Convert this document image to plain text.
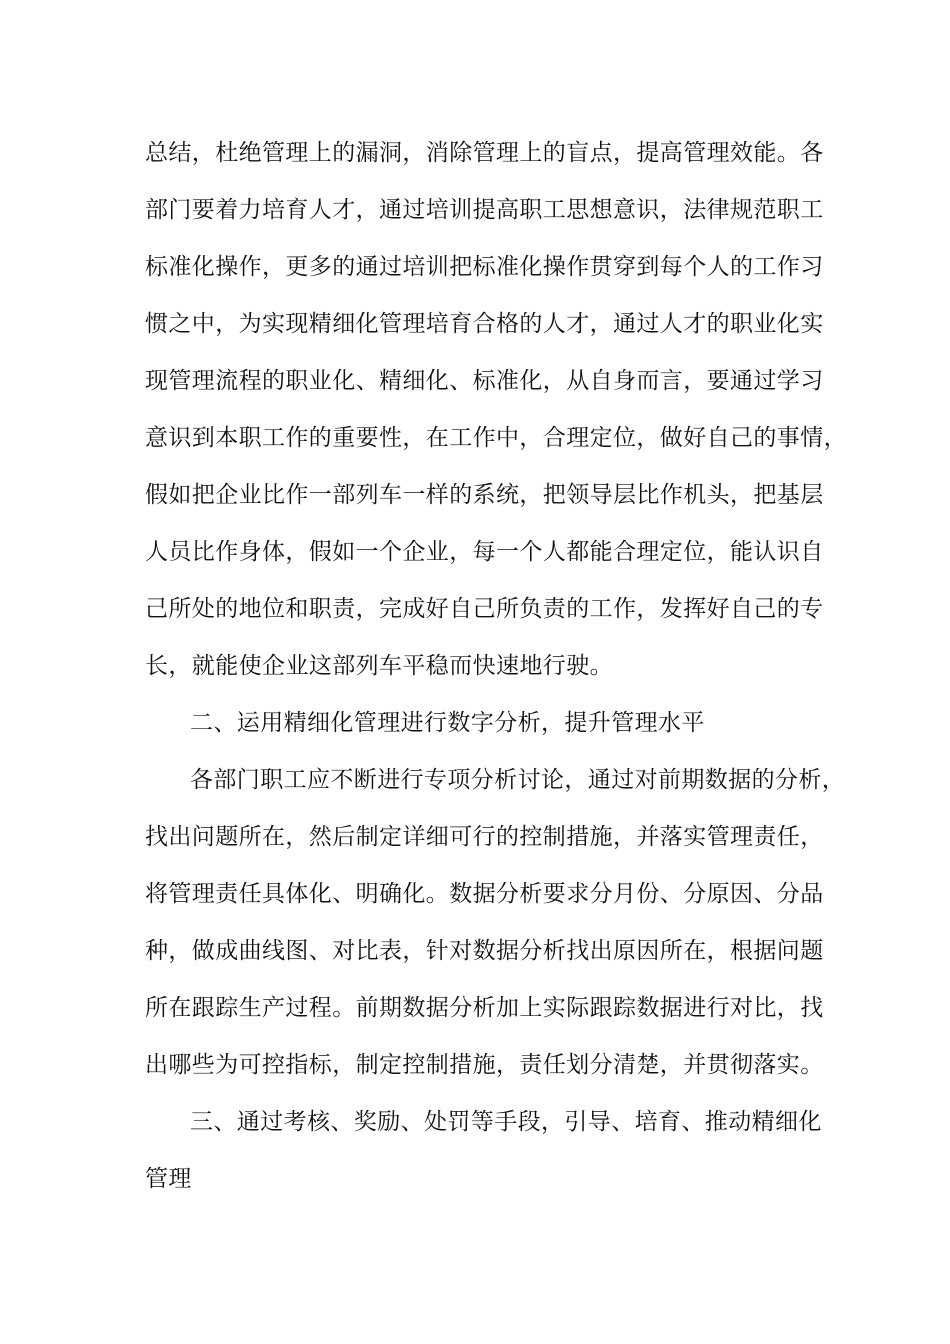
总结，杜绝管理上的漏洞，消除管理上的盲点，提高管理效能。各
部门要着力培育人才，通过培训提高职工思想意识，法律规范职工
标准化操作，更多的通过培训把标准化操作贯穿到每个人的工作习
惯之中，为实现精细化管理培育合格的人才，通过人才的职业化实
现管理流程的职业化、精细化、标准化，从自身而言，要通过学习
意识到本职工作的重要性，在工作中，合理定位，做好自己的事情，
假如把企业比作一部列车一样的系统，把领导层比作机头，把基层
人员比作身体，假如一个企业，每一个人都能合理定位，能认识自
己所处的地位和职责，完成好自己所负责的工作，发挥好自己的专
长，就能使企业这部列车平稳而快速地行驶。
二、运用精细化管理进行数字分析，提升管理水平
各部门职工应不断进行专项分析讨论，通过对前期数据的分析，
找出问题所在，然后制定详细可行的控制措施，并落实管理责任，
将管理责任具体化、明确化。数据分析要求分月份、分原因、分品
种，做成曲线图、对比表，针对数据分析找出原因所在，根据问题
所在跟踪生产过程。前期数据分析加上实际跟踪数据进行对比，找
出哪些为可控指标，制定控制措施，责任划分清楚，并贯彻落实。
三、通过考核、奖励、处罚等手段，引导、培育、推动精细化
管理
